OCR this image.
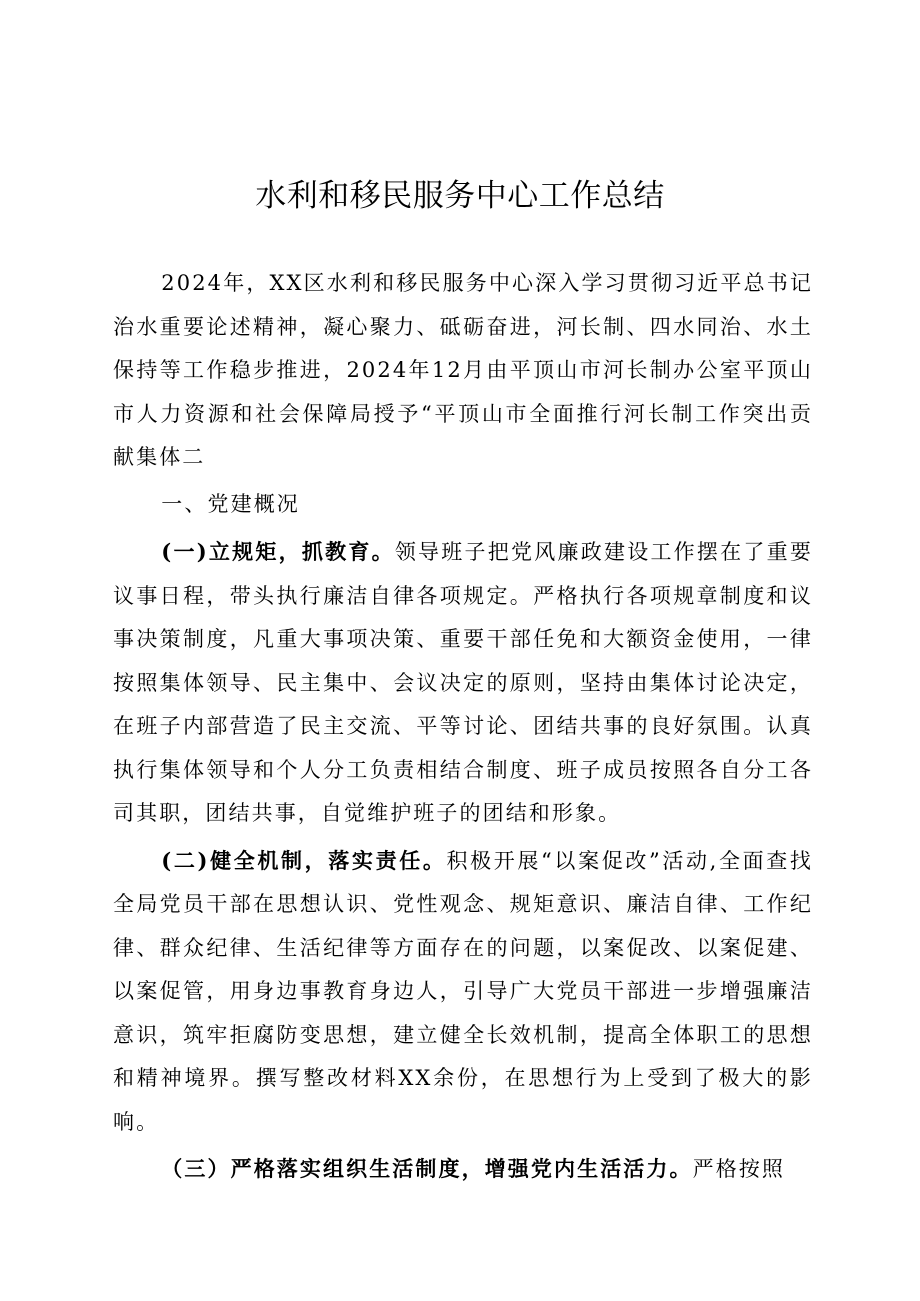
水利和移民服务中心工作总结

2024年，XX区水利和移民服务中心深入学习贯彻习近平总书记治水重要论述精神，凝心聚力、砥砺奋进，河长制、四水同治、水土保持等工作稳步推进，2024年12月由平顶山市河长制办公室平顶山市人力资源和社会保障局授予“平顶山市全面推行河长制工作突出贡献集体二

一、党建概况

(一)立规矩，抓教育。领导班子把党风廉政建设工作摆在了重要议事日程，带头执行廉洁自律各项规定。严格执行各项规章制度和议事决策制度，凡重大事项决策、重要干部任免和大额资金使用，一律按照集体领导、民主集中、会议决定的原则，坚持由集体讨论决定，在班子内部营造了民主交流、平等讨论、团结共事的良好氛围。认真执行集体领导和个人分工负责相结合制度、班子成员按照各自分工各司其职，团结共事，自觉维护班子的团结和形象。

(二)健全机制，落实责任。积极开展“以案促改”活动,全面查找全局党员干部在思想认识、党性观念、规矩意识、廉洁自律、工作纪律、群众纪律、生活纪律等方面存在的问题，以案促改、以案促建、以案促管，用身边事教育身边人，引导广大党员干部进一步增强廉洁意识，筑牢拒腐防变思想，建立健全长效机制，提高全体职工的思想和精神境界。撰写整改材料XX余份，在思想行为上受到了极大的影响。

（三）严格落实组织生活制度，增强党内生活活力。严格按照
